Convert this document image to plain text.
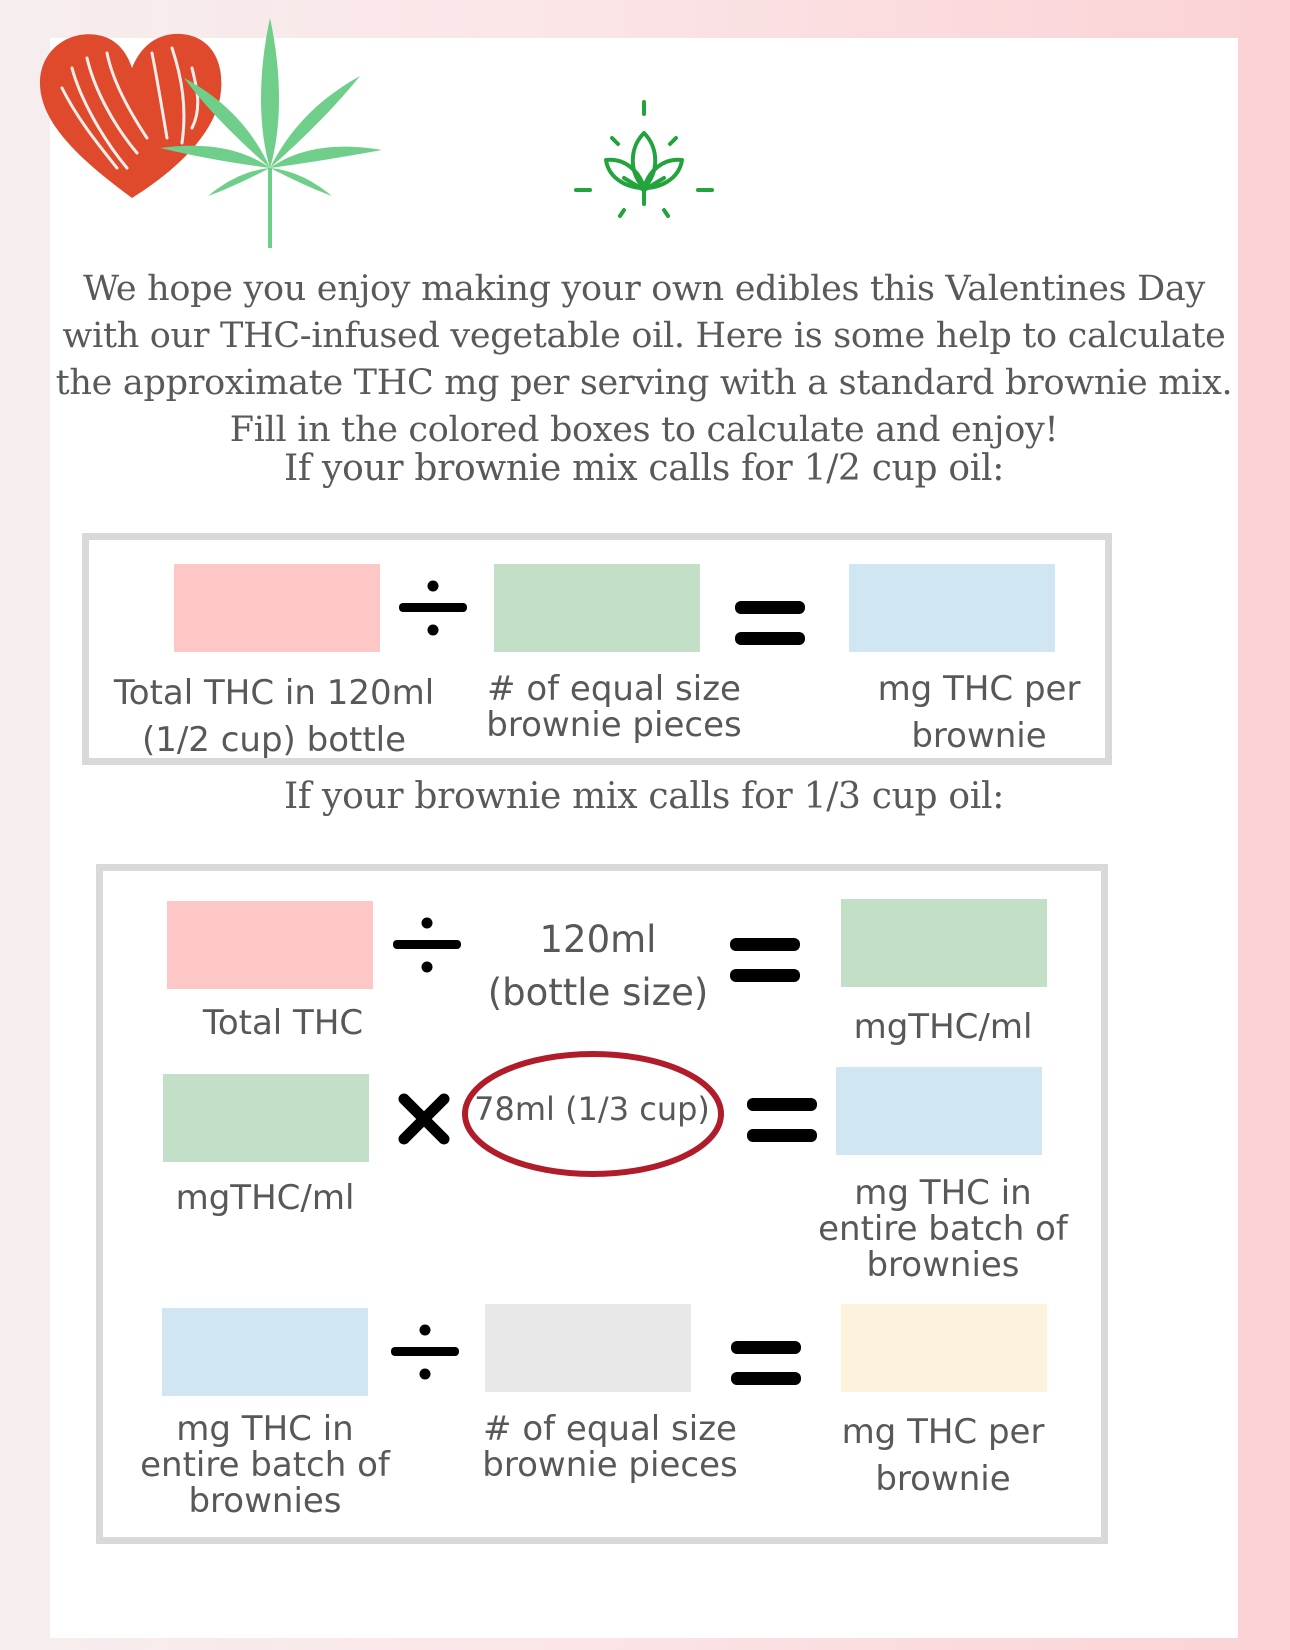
We hope you enjoy making your own edibles this Valentines Day with our THC-infused vegetable oil. Here is some help to calculate the approximate THC mg per serving with a standard brownie mix. Fill in the colored boxes to calculate and enjoy!
If your brownie mix calls for 1/2 cup oil:
Total THC in 120ml
(1/2 cup) bottle
# of equal size
brownie pieces
mg THC per
brownie
If your brownie mix calls for 1/3 cup oil:
120ml
(bottle size)
Total THC	mgTHC/ml
78ml (1/3 cup)
mgTHC/ml	mg THC in
entire batch of
brownies
mg THC in
entire batch of
brownies
# of equal size
brownie pieces
mg THC per
brownie
